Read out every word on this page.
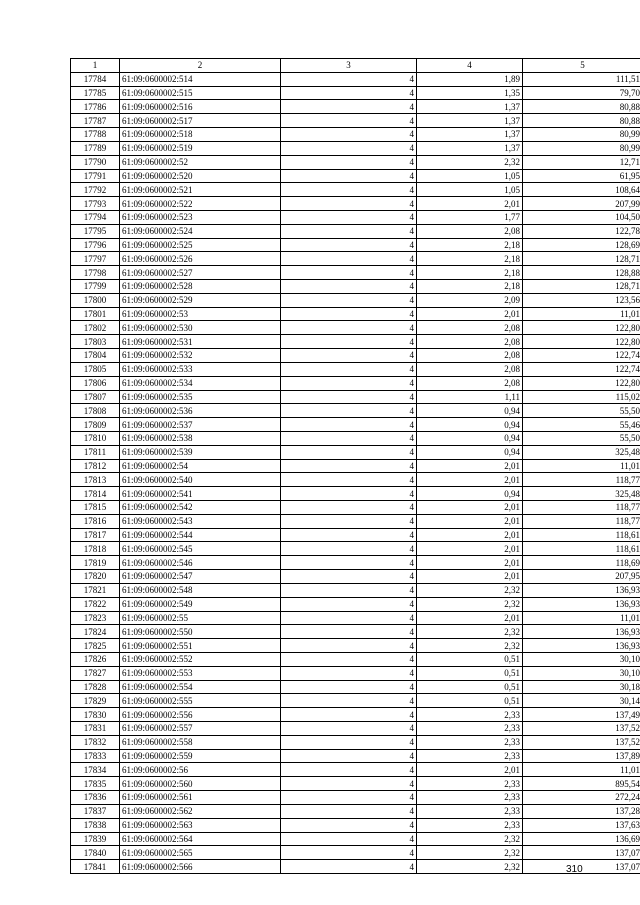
1	2	3	4	5
17784	61:09:0600002:514	4	1,89	111,51
17785	61:09:0600002:515	4	1,35	79,70
17786	61:09:0600002:516	4	1,37	80,88
17787	61:09:0600002:517	4	1,37	80,88
17788	61:09:0600002:518	4	1,37	80,99
17789	61:09:0600002:519	4	1,37	80,99
17790	61:09:0600002:52	4	2,32	12,71
17791	61:09:0600002:520	4	1,05	61,95
17792	61:09:0600002:521	4	1,05	108,64
17793	61:09:0600002:522	4	2,01	207,99
17794	61:09:0600002:523	4	1,77	104,50
17795	61:09:0600002:524	4	2,08	122,78
17796	61:09:0600002:525	4	2,18	128,69
17797	61:09:0600002:526	4	2,18	128,71
17798	61:09:0600002:527	4	2,18	128,88
17799	61:09:0600002:528	4	2,18	128,71
17800	61:09:0600002:529	4	2,09	123,56
17801	61:09:0600002:53	4	2,01	11,01
17802	61:09:0600002:530	4	2,08	122,80
17803	61:09:0600002:531	4	2,08	122,80
17804	61:09:0600002:532	4	2,08	122,74
17805	61:09:0600002:533	4	2,08	122,74
17806	61:09:0600002:534	4	2,08	122,80
17807	61:09:0600002:535	4	1,11	115,02
17808	61:09:0600002:536	4	0,94	55,50
17809	61:09:0600002:537	4	0,94	55,46
17810	61:09:0600002:538	4	0,94	55,50
17811	61:09:0600002:539	4	0,94	325,48
17812	61:09:0600002:54	4	2,01	11,01
17813	61:09:0600002:540	4	2,01	118,77
17814	61:09:0600002:541	4	0,94	325,48
17815	61:09:0600002:542	4	2,01	118,77
17816	61:09:0600002:543	4	2,01	118,77
17817	61:09:0600002:544	4	2,01	118,61
17818	61:09:0600002:545	4	2,01	118,61
17819	61:09:0600002:546	4	2,01	118,69
17820	61:09:0600002:547	4	2,01	207,95
17821	61:09:0600002:548	4	2,32	136,93
17822	61:09:0600002:549	4	2,32	136,93
17823	61:09:0600002:55	4	2,01	11,01
17824	61:09:0600002:550	4	2,32	136,93
17825	61:09:0600002:551	4	2,32	136,93
17826	61:09:0600002:552	4	0,51	30,10
17827	61:09:0600002:553	4	0,51	30,10
17828	61:09:0600002:554	4	0,51	30,18
17829	61:09:0600002:555	4	0,51	30,14
17830	61:09:0600002:556	4	2,33	137,49
17831	61:09:0600002:557	4	2,33	137,52
17832	61:09:0600002:558	4	2,33	137,52
17833	61:09:0600002:559	4	2,33	137,89
17834	61:09:0600002:56	4	2,01	11,01
17835	61:09:0600002:560	4	2,33	895,54
17836	61:09:0600002:561	4	2,33	272,24
17837	61:09:0600002:562	4	2,33	137,28
17838	61:09:0600002:563	4	2,33	137,63
17839	61:09:0600002:564	4	2,32	136,69
17840	61:09:0600002:565	4	2,32	137,07
17841	61:09:0600002:566	4	2,32	137,07
310
